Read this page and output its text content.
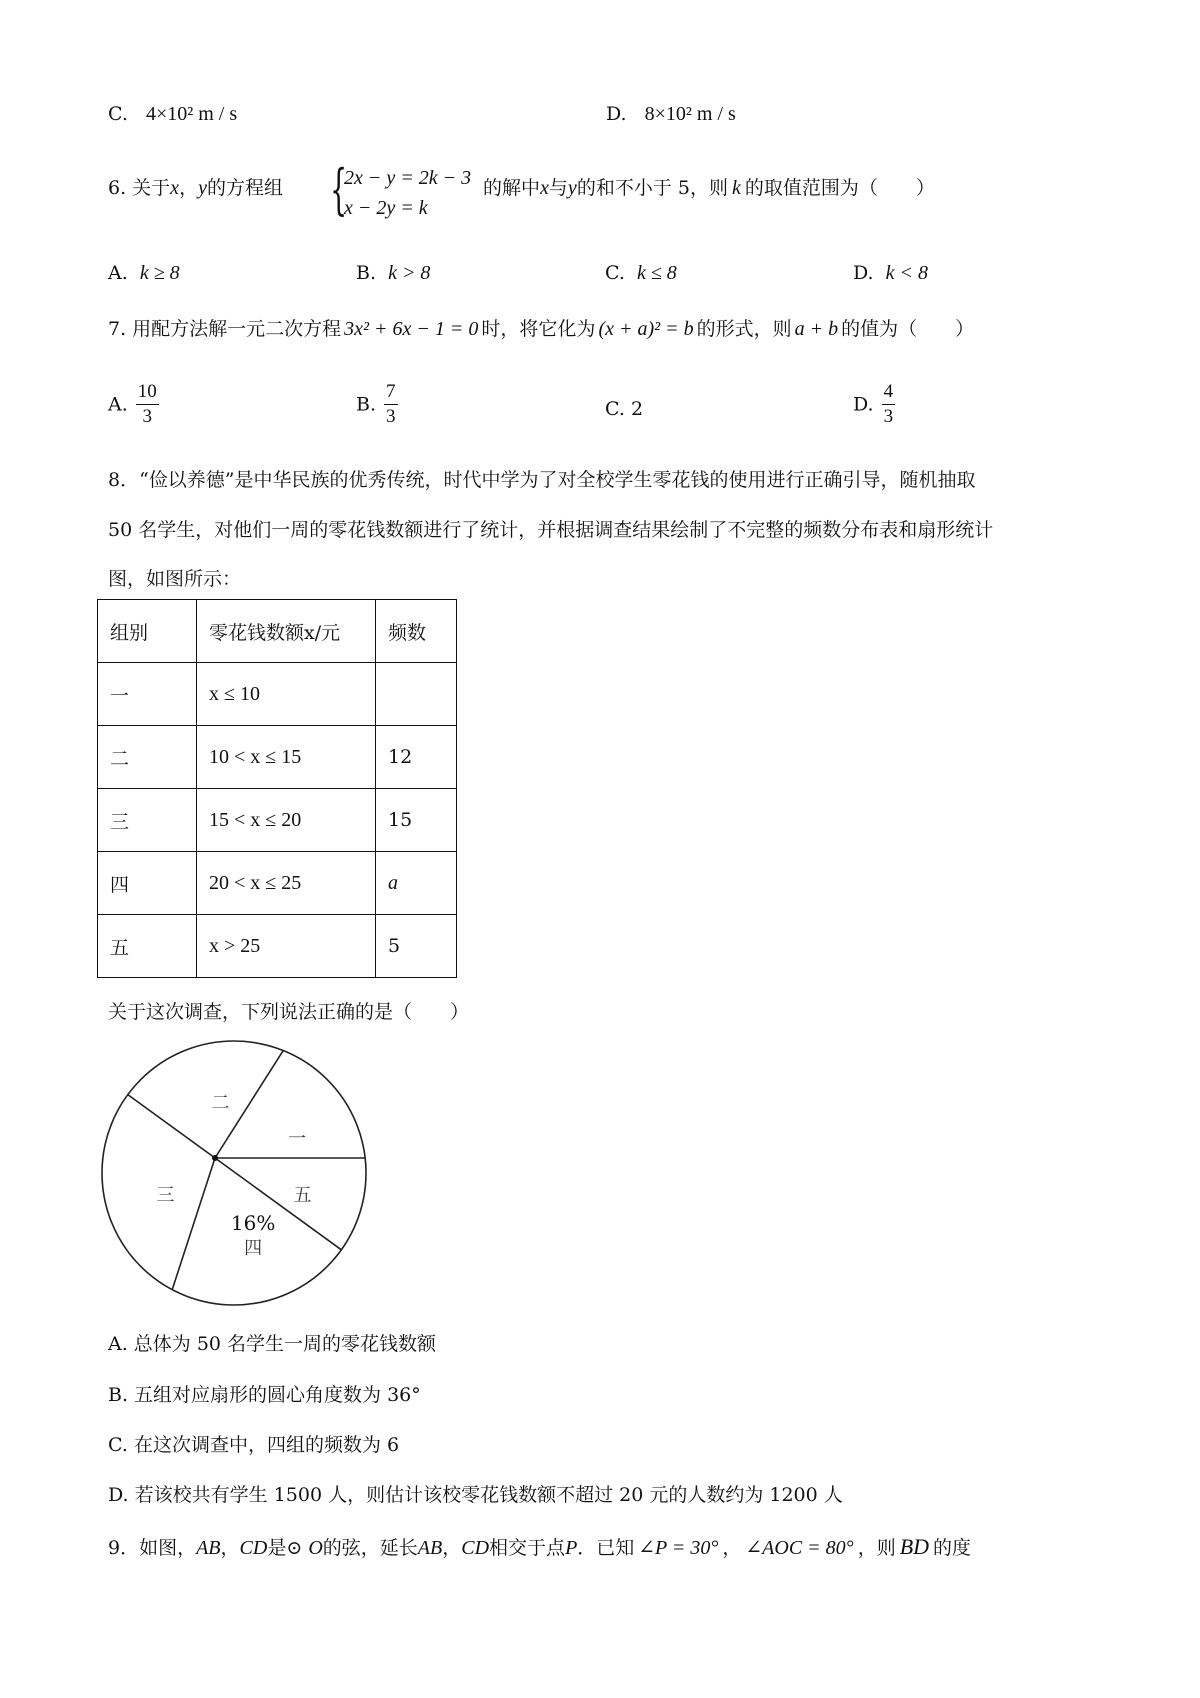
C. 4×10² m / s	D. 8×10² m / s
6. 关于x，y的方程组 {
2x − y = 2k − 3
x − 2y = k
的解中x与y的和不小于 5，则 k 的取值范围为（　　）
A. k ≥ 8	B. k > 8	C. k ≤ 8	D. k < 8
7. 用配方法解一元二次方程 3x² + 6x − 1 = 0 时，将它化为 (x + a)² = b 的形式，则 a + b 的值为（　　）
A. $\frac{10}{3}$	B. $\frac{7}{3}$	C. 2	D. $\frac{4}{3}$
8．“俭以养德”是中华民族的优秀传统，时代中学为了对全校学生零花钱的使用进行正确引导，随机抽取
50 名学生，对他们一周的零花钱数额进行了统计，并根据调查结果绘制了不完整的频数分布表和扇形统计
图，如图所示：
组别	零花钱数额x/元	频数
一	x ≤ 10	
二	10 < x ≤ 15	12
三	15 < x ≤ 20	15
四	20 < x ≤ 25	a
五	x > 25	5
关于这次调查，下列说法正确的是（　　）
五
四
16%
三
二
一
A. 总体为 50 名学生一周的零花钱数额
B. 五组对应扇形的圆心角度数为 36°
C. 在这次调查中，四组的频数为 6
D. 若该校共有学生 1500 人，则估计该校零花钱数额不超过 20 元的人数约为 1200 人
9．如图，AB，CD是⊙ O的弦，延长AB，CD相交于点P．已知 ∠P = 30° ， ∠AOC = 80° ，则 BD 的度
